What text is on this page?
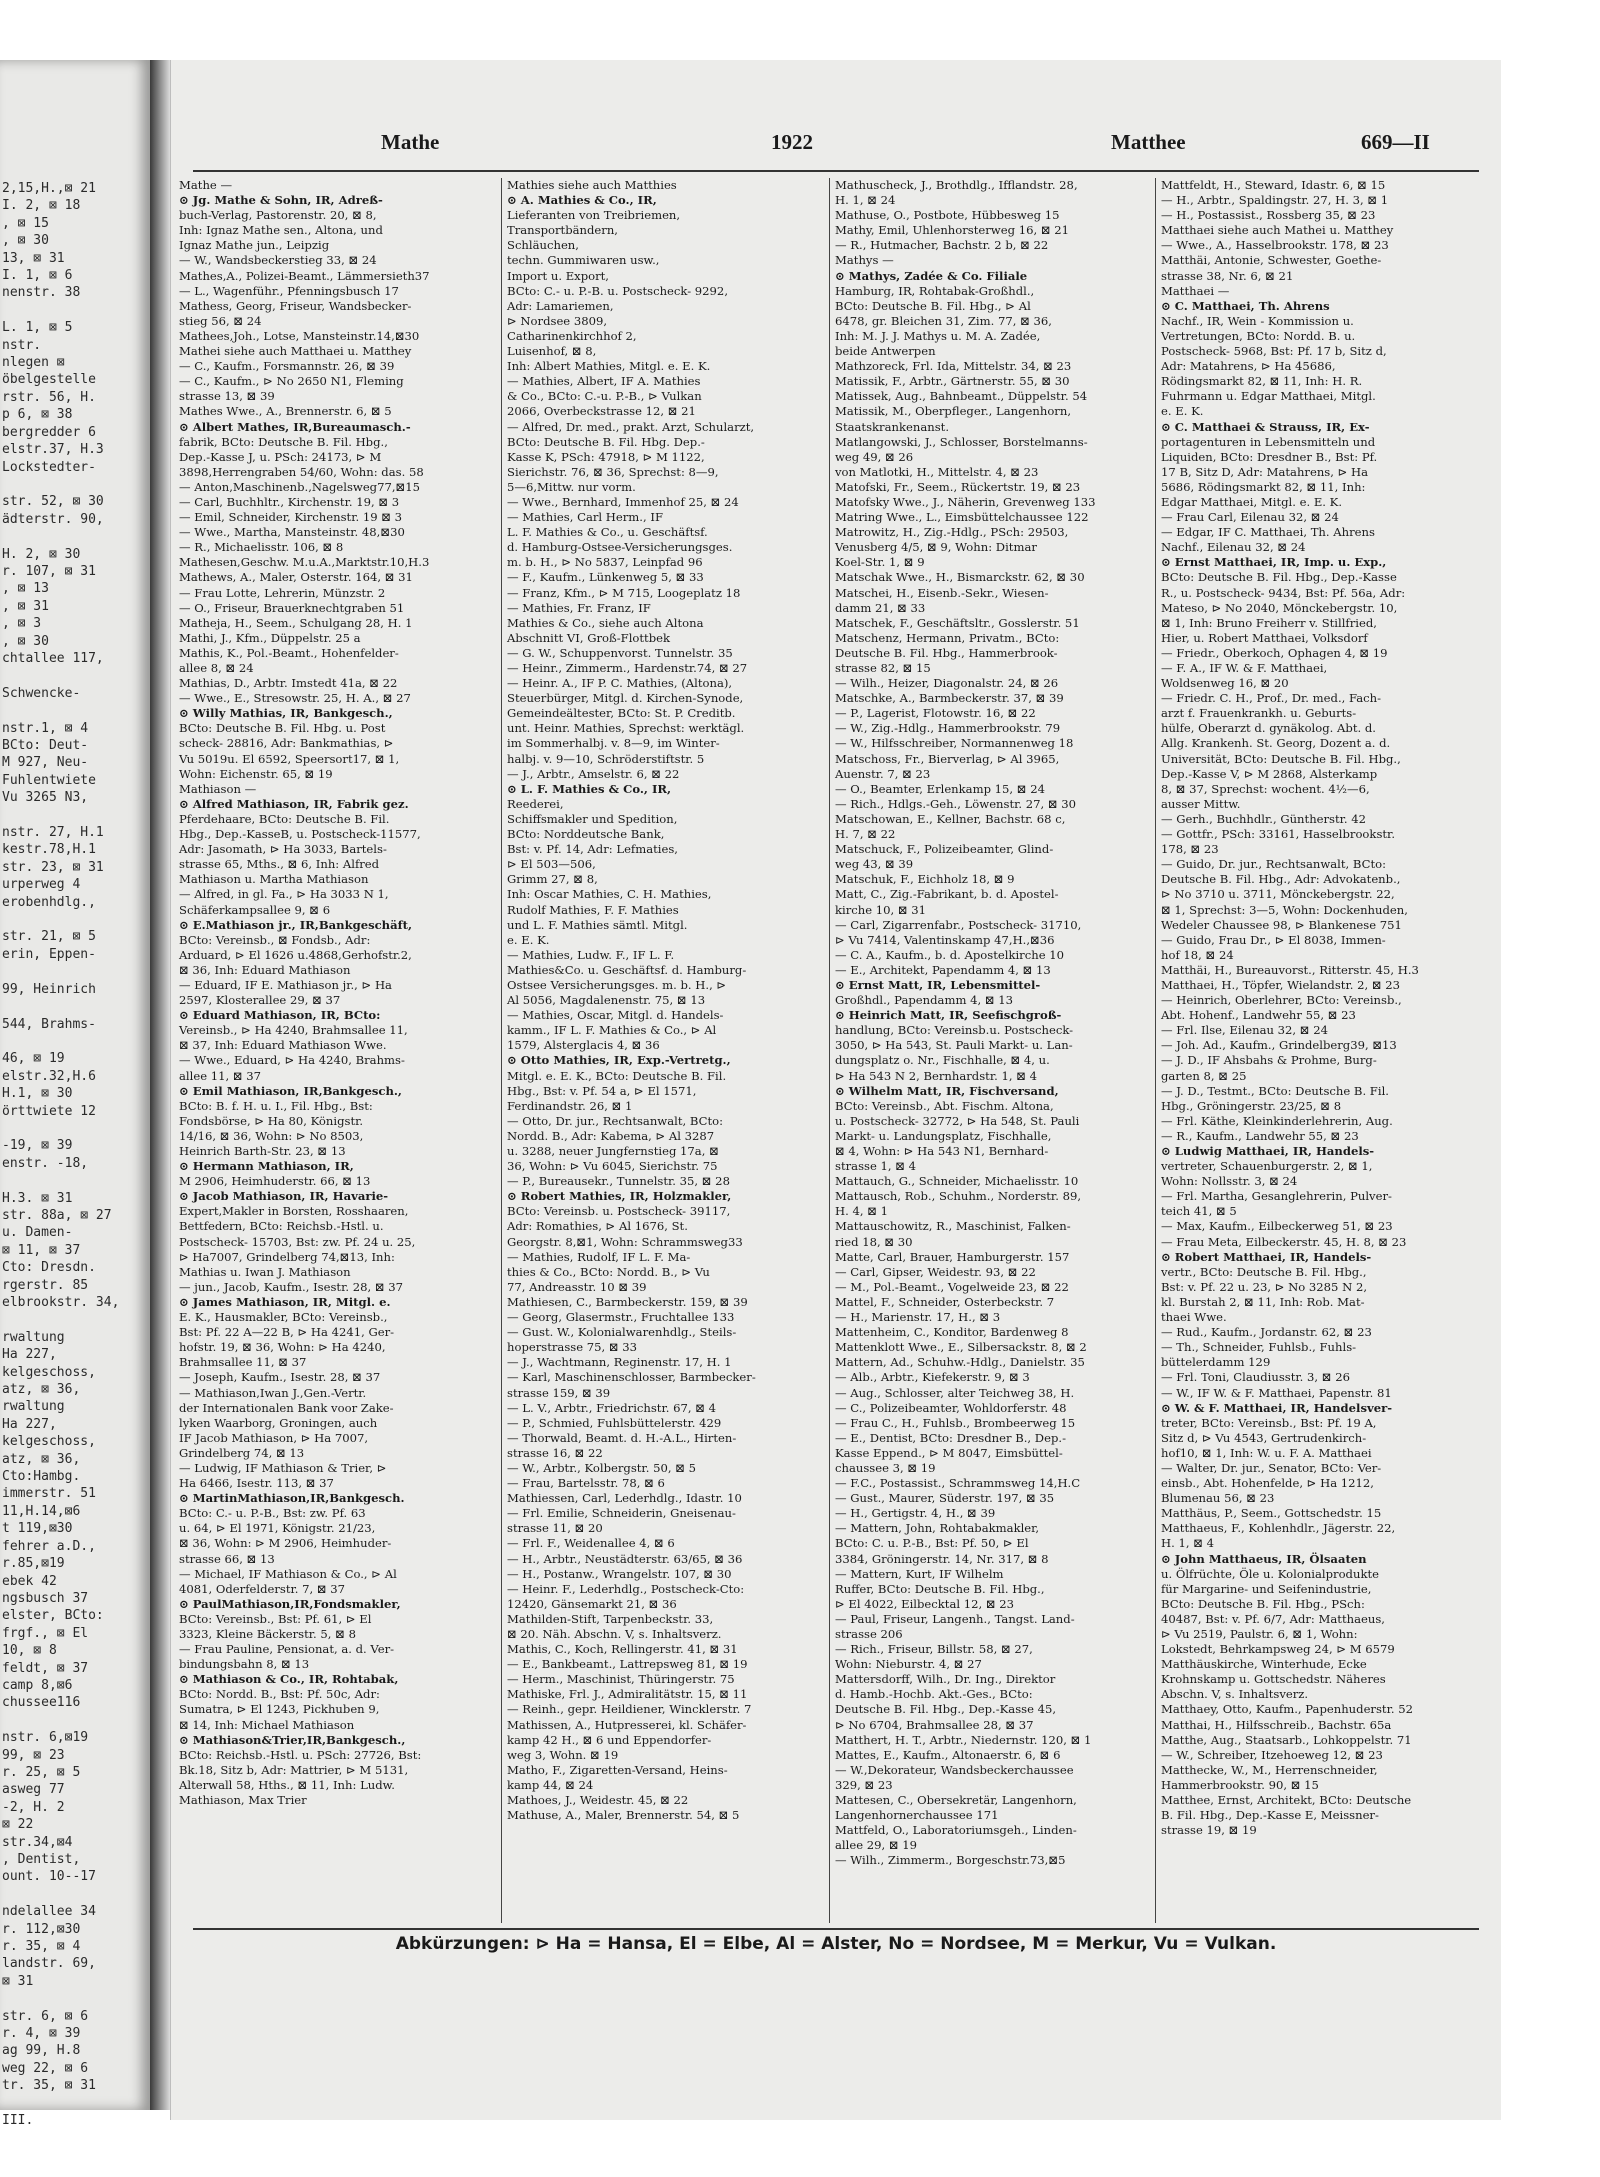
2,15,H.,⊠ 21
I. 2, ⊠ 18
, ⊠ 15
, ⊠ 30
13, ⊠ 31
I. 1, ⊠ 6
nenstr. 38

L. 1, ⊠ 5
nstr.
nlegen ⊠
öbelgestelle
rstr. 56, H.
p 6, ⊠ 38
bergredder 6
elstr.37, H.3
Lockstedter-

str. 52, ⊠ 30
ädterstr. 90,

H. 2, ⊠ 30
r. 107, ⊠ 31
, ⊠ 13
, ⊠ 31
, ⊠ 3
, ⊠ 30
chtallee 117,

Schwencke-

nstr.1, ⊠ 4
BCto: Deut-
M 927, Neu-
Fuhlentwiete
Vu 3265 N3,

nstr. 27, H.1
kestr.78,H.1
str. 23, ⊠ 31
urperweg 4
erobenhdlg.,

str. 21, ⊠ 5
erin, Eppen-

99, Heinrich

544, Brahms-

46, ⊠ 19
elstr.32,H.6
H.1, ⊠ 30
örttwiete 12

-19, ⊠ 39
enstr. -18,

H.3. ⊠ 31
str. 88a, ⊠ 27
u. Damen-
⊠ 11, ⊠ 37
Cto: Dresdn.
rgerstr. 85
elbrookstr. 34,

rwaltung
Ha 227,
kelgeschoss,
atz, ⊠ 36,
rwaltung
Ha 227,
kelgeschoss,
atz, ⊠ 36,
Cto:Hambg.
immerstr. 51
11,H.14,⊠6
t 119,⊠30
fehrer a.D.,
r.85,⊠19
ebek 42
ngsbusch 37
elster, BCto:
frgf., ⊠ El
10, ⊠ 8
feldt, ⊠ 37
camp 8,⊠6
chussee116

nstr. 6,⊠19
99, ⊠ 23
r. 25, ⊠ 5
asweg 77
-2, H. 2
⊠ 22
str.34,⊠4
, Dentist,
ount. 10--17

ndelallee 34
r. 112,⊠30
r. 35, ⊠ 4
landstr. 69,
⊠ 31

str. 6, ⊠ 6
r. 4, ⊠ 39
ag 99, H.8
weg 22, ⊠ 6
tr. 35, ⊠ 31

III.
Mathe	1922	Matthee	669—II
Mathe —
⊙ Jg. Mathe & Sohn, IR, Adreß-
buch-Verlag, Pastorenstr. 20, ⊠ 8,
Inh: Ignaz Mathe sen., Altona, und
Ignaz Mathe jun., Leipzig
— W., Wandsbeckerstieg 33, ⊠ 24
Mathes,A., Polizei-Beamt., Lämmersieth37
— L., Wagenführ., Pfenningsbusch 17
Mathess, Georg, Friseur, Wandsbecker-
stieg 56, ⊠ 24
Mathees,Joh., Lotse, Mansteinstr.14,⊠30
Mathei siehe auch Matthaei u. Matthey
— C., Kaufm., Forsmannstr. 26, ⊠ 39
— C., Kaufm., ⊳ No 2650 N1, Fleming
strasse 13, ⊠ 39
Mathes Wwe., A., Brennerstr. 6, ⊠ 5
⊙ Albert Mathes, IR,Bureaumasch.-
fabrik, BCto: Deutsche B. Fil. Hbg.,
Dep.-Kasse J, u. PSch: 24173, ⊳ M
3898,Herrengraben 54/60, Wohn: das. 58
— Anton,Maschinenb.,Nagelsweg77,⊠15
— Carl, Buchhltr., Kirchenstr. 19, ⊠ 3
— Emil, Schneider, Kirchenstr. 19 ⊠ 3
— Wwe., Martha, Mansteinstr. 48,⊠30
— R., Michaelisstr. 106, ⊠ 8
Mathesen,Geschw. M.u.A.,Marktstr.10,H.3
Mathews, A., Maler, Osterstr. 164, ⊠ 31
— Frau Lotte, Lehrerin, Münzstr. 2
— O., Friseur, Brauerknechtgraben 51
Matheja, H., Seem., Schulgang 28, H. 1
Mathi, J., Kfm., Düppelstr. 25 a
Mathis, K., Pol.-Beamt., Hohenfelder-
allee 8, ⊠ 24
Mathias, D., Arbtr. Imstedt 41a, ⊠ 22
— Wwe., E., Stresowstr. 25, H. A., ⊠ 27
⊙ Willy Mathias, IR, Bankgesch.,
BCto: Deutsche B. Fil. Hbg. u. Post
scheck- 28816, Adr: Bankmathias, ⊳
Vu 5019u. El 6592, Speersort17, ⊠ 1,
Wohn: Eichenstr. 65, ⊠ 19
Mathiason —
⊙ Alfred Mathiason, IR, Fabrik gez.
Pferdehaare, BCto: Deutsche B. Fil.
Hbg., Dep.-KasseB, u. Postscheck-11577,
Adr: Jasomath, ⊳ Ha 3033, Bartels-
strasse 65, Mths., ⊠ 6, Inh: Alfred
Mathiason u. Martha Mathiason
— Alfred, in gl. Fa., ⊳ Ha 3033 N 1,
Schäferkampsallee 9, ⊠ 6
⊙ E.Mathiason jr., IR,Bankgeschäft,
BCto: Vereinsb., ⊠ Fondsb., Adr:
Arduard, ⊳ El 1626 u.4868,Gerhofstr.2,
⊠ 36, Inh: Eduard Mathiason
— Eduard, IF E. Mathiason jr., ⊳ Ha
2597, Klosterallee 29, ⊠ 37
⊙ Eduard Mathiason, IR, BCto:
Vereinsb., ⊳ Ha 4240, Brahmsallee 11,
⊠ 37, Inh: Eduard Mathiason Wwe.
— Wwe., Eduard, ⊳ Ha 4240, Brahms-
allee 11, ⊠ 37
⊙ Emil Mathiason, IR,Bankgesch.,
BCto: B. f. H. u. I., Fil. Hbg., Bst:
Fondsbörse, ⊳ Ha 80, Königstr.
14/16, ⊠ 36, Wohn: ⊳ No 8503,
Heinrich Barth-Str. 23, ⊠ 13
⊙ Hermann Mathiason, IR,
M 2906, Heimhuderstr. 66, ⊠ 13
⊙ Jacob Mathiason, IR, Havarie-
Expert,Makler in Borsten, Rosshaaren,
Bettfedern, BCto: Reichsb.-Hstl. u.
Postscheck- 15703, Bst: zw. Pf. 24 u. 25,
⊳ Ha7007, Grindelberg 74,⊠13, Inh:
Mathias u. Iwan J. Mathiason
— jun., Jacob, Kaufm., Isestr. 28, ⊠ 37
⊙ James Mathiason, IR, Mitgl. e.
E. K., Hausmakler, BCto: Vereinsb.,
Bst: Pf. 22 A—22 B, ⊳ Ha 4241, Ger-
hofstr. 19, ⊠ 36, Wohn: ⊳ Ha 4240,
Brahmsallee 11, ⊠ 37
— Joseph, Kaufm., Isestr. 28, ⊠ 37
— Mathiason,Iwan J.,Gen.-Vertr.
der Internationalen Bank voor Zake-
lyken Waarborg, Groningen, auch
IF Jacob Mathiason, ⊳ Ha 7007,
Grindelberg 74, ⊠ 13
— Ludwig, IF Mathiason & Trier, ⊳
Ha 6466, Isestr. 113, ⊠ 37
⊙ MartinMathiason,IR,Bankgesch.
BCto: C.- u. P.-B., Bst: zw. Pf. 63
u. 64, ⊳ El 1971, Königstr. 21/23,
⊠ 36, Wohn: ⊳ M 2906, Heimhuder-
strasse 66, ⊠ 13
— Michael, IF Mathiason & Co., ⊳ Al
4081, Oderfelderstr. 7, ⊠ 37
⊙ PaulMathiason,IR,Fondsmakler,
BCto: Vereinsb., Bst: Pf. 61, ⊳ El
3323, Kleine Bäckerstr. 5, ⊠ 8
— Frau Pauline, Pensionat, a. d. Ver-
bindungsbahn 8, ⊠ 13
⊙ Mathiason & Co., IR, Rohtabak,
BCto: Nordd. B., Bst: Pf. 50c, Adr:
Sumatra, ⊳ El 1243, Pickhuben 9,
⊠ 14, Inh: Michael Mathiason
⊙ Mathiason&Trier,IR,Bankgesch.,
BCto: Reichsb.-Hstl. u. PSch: 27726, Bst:
Bk.18, Sitz b, Adr: Mattrier, ⊳ M 5131,
Alterwall 58, Hths., ⊠ 11, Inh: Ludw.
Mathiason, Max Trier
Mathies siehe auch Matthies
⊙ A. Mathies & Co., IR,
Lieferanten von Treibriemen,
Transportbändern,
Schläuchen,
techn. Gummiwaren usw.,
Import u. Export,
BCto: C.- u. P.-B. u. Postscheck- 9292,
Adr: Lamariemen,
⊳ Nordsee 3809,
Catharinenkirchhof 2,
Luisenhof, ⊠ 8,
Inh: Albert Mathies, Mitgl. e. E. K.
— Mathies, Albert, IF A. Mathies
& Co., BCto: C.-u. P.-B., ⊳ Vulkan
2066, Overbeckstrasse 12, ⊠ 21
— Alfred, Dr. med., prakt. Arzt, Schularzt,
BCto: Deutsche B. Fil. Hbg. Dep.-
Kasse K, PSch: 47918, ⊳ M 1122,
Sierichstr. 76, ⊠ 36, Sprechst: 8—9,
5—6,Mittw. nur vorm.
— Wwe., Bernhard, Immenhof 25, ⊠ 24
— Mathies, Carl Herm., IF
L. F. Mathies & Co., u. Geschäftsf.
d. Hamburg-Ostsee-Versicherungsges.
m. b. H., ⊳ No 5837, Leinpfad 96
— F., Kaufm., Lünkenweg 5, ⊠ 33
— Franz, Kfm., ⊳ M 715, Loogeplatz 18
— Mathies, Fr. Franz, IF
Mathies & Co., siehe auch Altona
Abschnitt VI, Groß-Flottbek
— G. W., Schuppenvorst. Tunnelstr. 35
— Heinr., Zimmerm., Hardenstr.74, ⊠ 27
— Heinr. A., IF P. C. Mathies, (Altona),
Steuerbürger, Mitgl. d. Kirchen-Synode,
Gemeindeältester, BCto: St. P. Creditb.
unt. Heinr. Mathies, Sprechst: werktägl.
im Sommerhalbj. v. 8—9, im Winter-
halbj. v. 9—10, Schröderstiftstr. 5
— J., Arbtr., Amselstr. 6, ⊠ 22
⊙ L. F. Mathies & Co., IR,
Reederei,
Schiffsmakler und Spedition,
BCto: Norddeutsche Bank,
Bst: v. Pf. 14, Adr: Lefmaties,
⊳ El 503—506,
Grimm 27, ⊠ 8,
Inh: Oscar Mathies, C. H. Mathies,
Rudolf Mathies, F. F. Mathies
und L. F. Mathies sämtl. Mitgl.
e. E. K.
— Mathies, Ludw. F., IF L. F.
Mathies&Co. u. Geschäftsf. d. Hamburg-
Ostsee Versicherungsges. m. b. H., ⊳
Al 5056, Magdalenenstr. 75, ⊠ 13
— Mathies, Oscar, Mitgl. d. Handels-
kamm., IF L. F. Mathies & Co., ⊳ Al
1579, Alsterglacis 4, ⊠ 36
⊙ Otto Mathies, IR, Exp.-Vertretg.,
Mitgl. e. E. K., BCto: Deutsche B. Fil.
Hbg., Bst: v. Pf. 54 a, ⊳ El 1571,
Ferdinandstr. 26, ⊠ 1
— Otto, Dr. jur., Rechtsanwalt, BCto:
Nordd. B., Adr: Kabema, ⊳ Al 3287
u. 3288, neuer Jungfernstieg 17a, ⊠
36, Wohn: ⊳ Vu 6045, Sierichstr. 75
— P., Bureausekr., Tunnelstr. 35, ⊠ 28
⊙ Robert Mathies, IR, Holzmakler,
BCto: Vereinsb. u. Postscheck- 39117,
Adr: Romathies, ⊳ Al 1676, St.
Georgstr. 8,⊠1, Wohn: Schrammsweg33
— Mathies, Rudolf, IF L. F. Ma-
thies & Co., BCto: Nordd. B., ⊳ Vu
77, Andreasstr. 10 ⊠ 39
Mathiesen, C., Barmbeckerstr. 159, ⊠ 39
— Georg, Glasermstr., Fruchtallee 133
— Gust. W., Kolonialwarenhdlg., Steils-
hoperstrasse 75, ⊠ 33
— J., Wachtmann, Reginenstr. 17, H. 1
— Karl, Maschinenschlosser, Barmbecker-
strasse 159, ⊠ 39
— L. V., Arbtr., Friedrichstr. 67, ⊠ 4
— P., Schmied, Fuhlsbüttelerstr. 429
— Thorwald, Beamt. d. H.-A.L., Hirten-
strasse 16, ⊠ 22
— W., Arbtr., Kolbergstr. 50, ⊠ 5
— Frau, Bartelsstr. 78, ⊠ 6
Mathiessen, Carl, Lederhdlg., Idastr. 10
— Frl. Emilie, Schneiderin, Gneisenau-
strasse 11, ⊠ 20
— Frl. F., Weidenallee 4, ⊠ 6
— H., Arbtr., Neustädterstr. 63/65, ⊠ 36
— H., Postanw., Wrangelstr. 107, ⊠ 30
— Heinr. F., Lederhdlg., Postscheck-Cto:
12420, Gänsemarkt 21, ⊠ 36
Mathilden-Stift, Tarpenbeckstr. 33,
⊠ 20. Näh. Abschn. V, s. Inhaltsverz.
Mathis, C., Koch, Rellingerstr. 41, ⊠ 31
— E., Bankbeamt., Lattrepsweg 81, ⊠ 19
— Herm., Maschinist, Thüringerstr. 75
Mathiske, Frl. J., Admiralitätstr. 15, ⊠ 11
— Reinh., gepr. Heildiener, Wincklerstr. 7
Mathissen, A., Hutpresserei, kl. Schäfer-
kamp 42 H., ⊠ 6 und Eppendorfer-
weg 3, Wohn. ⊠ 19
Matho, F., Zigaretten-Versand, Heins-
kamp 44, ⊠ 24
Mathoes, J., Weidestr. 45, ⊠ 22
Mathuse, A., Maler, Brennerstr. 54, ⊠ 5
Mathuscheck, J., Brothdlg., Ifflandstr. 28,
H. 1, ⊠ 24
Mathuse, O., Postbote, Hübbesweg 15
Mathy, Emil, Uhlenhorsterweg 16, ⊠ 21
— R., Hutmacher, Bachstr. 2 b, ⊠ 22
Mathys —
⊙ Mathys, Zadée & Co. Filiale
Hamburg, IR, Rohtabak-Großhdl.,
BCto: Deutsche B. Fil. Hbg., ⊳ Al
6478, gr. Bleichen 31, Zim. 77, ⊠ 36,
Inh: M. J. J. Mathys u. M. A. Zadée,
beide Antwerpen
Mathzoreck, Frl. Ida, Mittelstr. 34, ⊠ 23
Matissik, F., Arbtr., Gärtnerstr. 55, ⊠ 30
Matissek, Aug., Bahnbeamt., Düppelstr. 54
Matissik, M., Oberpfleger., Langenhorn,
Staatskrankenanst.
Matlangowski, J., Schlosser, Borstelmanns-
weg 49, ⊠ 26
von Matlotki, H., Mittelstr. 4, ⊠ 23
Matofski, Fr., Seem., Rückertstr. 19, ⊠ 23
Matofsky Wwe., J., Näherin, Grevenweg 133
Matring Wwe., L., Eimsbüttelchaussee 122
Matrowitz, H., Zig.-Hdlg., PSch: 29503,
Venusberg 4/5, ⊠ 9, Wohn: Ditmar
Koel-Str. 1, ⊠ 9
Matschak Wwe., H., Bismarckstr. 62, ⊠ 30
Matschei, H., Eisenb.-Sekr., Wiesen-
damm 21, ⊠ 33
Matschek, F., Geschäftsltr., Gosslerstr. 51
Matschenz, Hermann, Privatm., BCto:
Deutsche B. Fil. Hbg., Hammerbrook-
strasse 82, ⊠ 15
— Wilh., Heizer, Diagonalstr. 24, ⊠ 26
Matschke, A., Barmbeckerstr. 37, ⊠ 39
— P., Lagerist, Flotowstr. 16, ⊠ 22
— W., Zig.-Hdlg., Hammerbrookstr. 79
— W., Hilfsschreiber, Normannenweg 18
Matschoss, Fr., Bierverlag, ⊳ Al 3965,
Auenstr. 7, ⊠ 23
— O., Beamter, Erlenkamp 15, ⊠ 24
— Rich., Hdlgs.-Geh., Löwenstr. 27, ⊠ 30
Matschowan, E., Kellner, Bachstr. 68 c,
H. 7, ⊠ 22
Matschuck, F., Polizeibeamter, Glind-
weg 43, ⊠ 39
Matschuk, F., Eichholz 18, ⊠ 9
Matt, C., Zig.-Fabrikant, b. d. Apostel-
kirche 10, ⊠ 31
— Carl, Zigarrenfabr., Postscheck- 31710,
⊳ Vu 7414, Valentinskamp 47,H.,⊠36
— C. A., Kaufm., b. d. Apostelkirche 10
— E., Architekt, Papendamm 4, ⊠ 13
⊙ Ernst Matt, IR, Lebensmittel-
Großhdl., Papendamm 4, ⊠ 13
⊙ Heinrich Matt, IR, Seefischgroß-
handlung, BCto: Vereinsb.u. Postscheck-
3050, ⊳ Ha 543, St. Pauli Markt- u. Lan-
dungsplatz o. Nr., Fischhalle, ⊠ 4, u.
⊳ Ha 543 N 2, Bernhardstr. 1, ⊠ 4
⊙ Wilhelm Matt, IR, Fischversand,
BCto: Vereinsb., Abt. Fischm. Altona,
u. Postscheck- 32772, ⊳ Ha 548, St. Pauli
Markt- u. Landungsplatz, Fischhalle,
⊠ 4, Wohn: ⊳ Ha 543 N1, Bernhard-
strasse 1, ⊠ 4
Mattauch, G., Schneider, Michaelisstr. 10
Mattausch, Rob., Schuhm., Norderstr. 89,
H. 4, ⊠ 1
Mattauschowitz, R., Maschinist, Falken-
ried 18, ⊠ 30
Matte, Carl, Brauer, Hamburgerstr. 157
— Carl, Gipser, Weidestr. 93, ⊠ 22
— M., Pol.-Beamt., Vogelweide 23, ⊠ 22
Mattel, F., Schneider, Osterbeckstr. 7
— H., Marienstr. 17, H., ⊠ 3
Mattenheim, C., Konditor, Bardenweg 8
Mattenklott Wwe., E., Silbersackstr. 8, ⊠ 2
Mattern, Ad., Schuhw.-Hdlg., Danielstr. 35
— Alb., Arbtr., Kiefekerstr. 9, ⊠ 3
— Aug., Schlosser, alter Teichweg 38, H.
— C., Polizeibeamter, Wohldorferstr. 48
— Frau C., H., Fuhlsb., Brombeerweg 15
— E., Dentist, BCto: Dresdner B., Dep.-
Kasse Eppend., ⊳ M 8047, Eimsbüttel-
chaussee 3, ⊠ 19
— F.C., Postassist., Schrammsweg 14,H.C
— Gust., Maurer, Süderstr. 197, ⊠ 35
— H., Gertigstr. 4, H., ⊠ 39
— Mattern, John, Rohtabakmakler,
BCto: C. u. P.-B., Bst: Pf. 50, ⊳ El
3384, Gröningerstr. 14, Nr. 317, ⊠ 8
— Mattern, Kurt, IF Wilhelm
Ruffer, BCto: Deutsche B. Fil. Hbg.,
⊳ El 4022, Eilbecktal 12, ⊠ 23
— Paul, Friseur, Langenh., Tangst. Land-
strasse 206
— Rich., Friseur, Billstr. 58, ⊠ 27,
Wohn: Nieburstr. 4, ⊠ 27
Mattersdorff, Wilh., Dr. Ing., Direktor
d. Hamb.-Hochb. Akt.-Ges., BCto:
Deutsche B. Fil. Hbg., Dep.-Kasse 45,
⊳ No 6704, Brahmsallee 28, ⊠ 37
Matthert, H. T., Arbtr., Niedernstr. 120, ⊠ 1
Mattes, E., Kaufm., Altonaerstr. 6, ⊠ 6
— W.,Dekorateur, Wandsbeckerchaussee
329, ⊠ 23
Mattesen, C., Obersekretär, Langenhorn,
Langenhornerchaussee 171
Mattfeld, O., Laboratoriumsgeh., Linden-
allee 29, ⊠ 19
— Wilh., Zimmerm., Borgeschstr.73,⊠5
Mattfeldt, H., Steward, Idastr. 6, ⊠ 15
— H., Arbtr., Spaldingstr. 27, H. 3, ⊠ 1
— H., Postassist., Rossberg 35, ⊠ 23
Matthaei siehe auch Mathei u. Matthey
— Wwe., A., Hasselbrookstr. 178, ⊠ 23
Matthäi, Antonie, Schwester, Goethe-
strasse 38, Nr. 6, ⊠ 21
Matthaei —
⊙ C. Matthaei, Th. Ahrens
Nachf., IR, Wein - Kommission u.
Vertretungen, BCto: Nordd. B. u.
Postscheck- 5968, Bst: Pf. 17 b, Sitz d,
Adr: Matahrens, ⊳ Ha 45686,
Rödingsmarkt 82, ⊠ 11, Inh: H. R.
Fuhrmann u. Edgar Matthaei, Mitgl.
e. E. K.
⊙ C. Matthaei & Strauss, IR, Ex-
portagenturen in Lebensmitteln und
Liquiden, BCto: Dresdner B., Bst: Pf.
17 B, Sitz D, Adr: Matahrens, ⊳ Ha
5686, Rödingsmarkt 82, ⊠ 11, Inh:
Edgar Matthaei, Mitgl. e. E. K.
— Frau Carl, Eilenau 32, ⊠ 24
— Edgar, IF C. Matthaei, Th. Ahrens
Nachf., Eilenau 32, ⊠ 24
⊙ Ernst Matthaei, IR, Imp. u. Exp.,
BCto: Deutsche B. Fil. Hbg., Dep.-Kasse
R., u. Postscheck- 9434, Bst: Pf. 56a, Adr:
Mateso, ⊳ No 2040, Mönckebergstr. 10,
⊠ 1, Inh: Bruno Freiherr v. Stillfried,
Hier, u. Robert Matthaei, Volksdorf
— Friedr., Oberkoch, Ophagen 4, ⊠ 19
— F. A., IF W. & F. Matthaei,
Woldsenweg 16, ⊠ 20
— Friedr. C. H., Prof., Dr. med., Fach-
arzt f. Frauenkrankh. u. Geburts-
hülfe, Oberarzt d. gynäkolog. Abt. d.
Allg. Krankenh. St. Georg, Dozent a. d.
Universität, BCto: Deutsche B. Fil. Hbg.,
Dep.-Kasse V, ⊳ M 2868, Alsterkamp
8, ⊠ 37, Sprechst: wochent. 4½—6,
ausser Mittw.
— Gerh., Buchhdlr., Güntherstr. 42
— Gottfr., PSch: 33161, Hasselbrookstr.
178, ⊠ 23
— Guido, Dr. jur., Rechtsanwalt, BCto:
Deutsche B. Fil. Hbg., Adr: Advokatenb.,
⊳ No 3710 u. 3711, Mönckebergstr. 22,
⊠ 1, Sprechst: 3—5, Wohn: Dockenhuden,
Wedeler Chaussee 98, ⊳ Blankenese 751
— Guido, Frau Dr., ⊳ El 8038, Immen-
hof 18, ⊠ 24
Matthäi, H., Bureauvorst., Ritterstr. 45, H.3
Matthaei, H., Töpfer, Wielandstr. 2, ⊠ 23
— Heinrich, Oberlehrer, BCto: Vereinsb.,
Abt. Hohenf., Landwehr 55, ⊠ 23
— Frl. Ilse, Eilenau 32, ⊠ 24
— Joh. Ad., Kaufm., Grindelberg39, ⊠13
— J. D., IF Ahsbahs & Prohme, Burg-
garten 8, ⊠ 25
— J. D., Testmt., BCto: Deutsche B. Fil.
Hbg., Gröningerstr. 23/25, ⊠ 8
— Frl. Käthe, Kleinkinderlehrerin, Aug.
— R., Kaufm., Landwehr 55, ⊠ 23
⊙ Ludwig Matthaei, IR, Handels-
vertreter, Schauenburgerstr. 2, ⊠ 1,
Wohn: Nollsstr. 3, ⊠ 24
— Frl. Martha, Gesanglehrerin, Pulver-
teich 41, ⊠ 5
— Max, Kaufm., Eilbeckerweg 51, ⊠ 23
— Frau Meta, Eilbeckerstr. 45, H. 8, ⊠ 23
⊙ Robert Matthaei, IR, Handels-
vertr., BCto: Deutsche B. Fil. Hbg.,
Bst: v. Pf. 22 u. 23, ⊳ No 3285 N 2,
kl. Burstah 2, ⊠ 11, Inh: Rob. Mat-
thaei Wwe.
— Rud., Kaufm., Jordanstr. 62, ⊠ 23
— Th., Schneider, Fuhlsb., Fuhls-
büttelerdamm 129
— Frl. Toni, Claudiusstr. 3, ⊠ 26
— W., IF W. & F. Matthaei, Papenstr. 81
⊙ W. & F. Matthaei, IR, Handelsver-
treter, BCto: Vereinsb., Bst: Pf. 19 A,
Sitz d, ⊳ Vu 4543, Gertrudenkirch-
hof10, ⊠ 1, Inh: W. u. F. A. Matthaei
— Walter, Dr. jur., Senator, BCto: Ver-
einsb., Abt. Hohenfelde, ⊳ Ha 1212,
Blumenau 56, ⊠ 23
Matthäus, P., Seem., Gottschedstr. 15
Matthaeus, F., Kohlenhdlr., Jägerstr. 22,
H. 1, ⊠ 4
⊙ John Matthaeus, IR, Ölsaaten
u. Ölfrüchte, Öle u. Kolonialprodukte
für Margarine- und Seifenindustrie,
BCto: Deutsche B. Fil. Hbg., PSch:
40487, Bst: v. Pf. 6/7, Adr: Matthaeus,
⊳ Vu 2519, Paulstr. 6, ⊠ 1, Wohn:
Lokstedt, Behrkampsweg 24, ⊳ M 6579
Matthäuskirche, Winterhude, Ecke
Krohnskamp u. Gottschedstr. Näheres
Abschn. V, s. Inhaltsverz.
Matthaey, Otto, Kaufm., Papenhuderstr. 52
Matthai, H., Hilfsschreib., Bachstr. 65a
Matthe, Aug., Staatsarb., Lohkoppelstr. 71
— W., Schreiber, Itzehoeweg 12, ⊠ 23
Matthecke, W., M., Herrenschneider,
Hammerbrookstr. 90, ⊠ 15
Matthee, Ernst, Architekt, BCto: Deutsche
B. Fil. Hbg., Dep.-Kasse E, Meissner-
strasse 19, ⊠ 19
Abkürzungen: ⊳ Ha = Hansa, El = Elbe, Al = Alster, No = Nordsee, M = Merkur, Vu = Vulkan.
